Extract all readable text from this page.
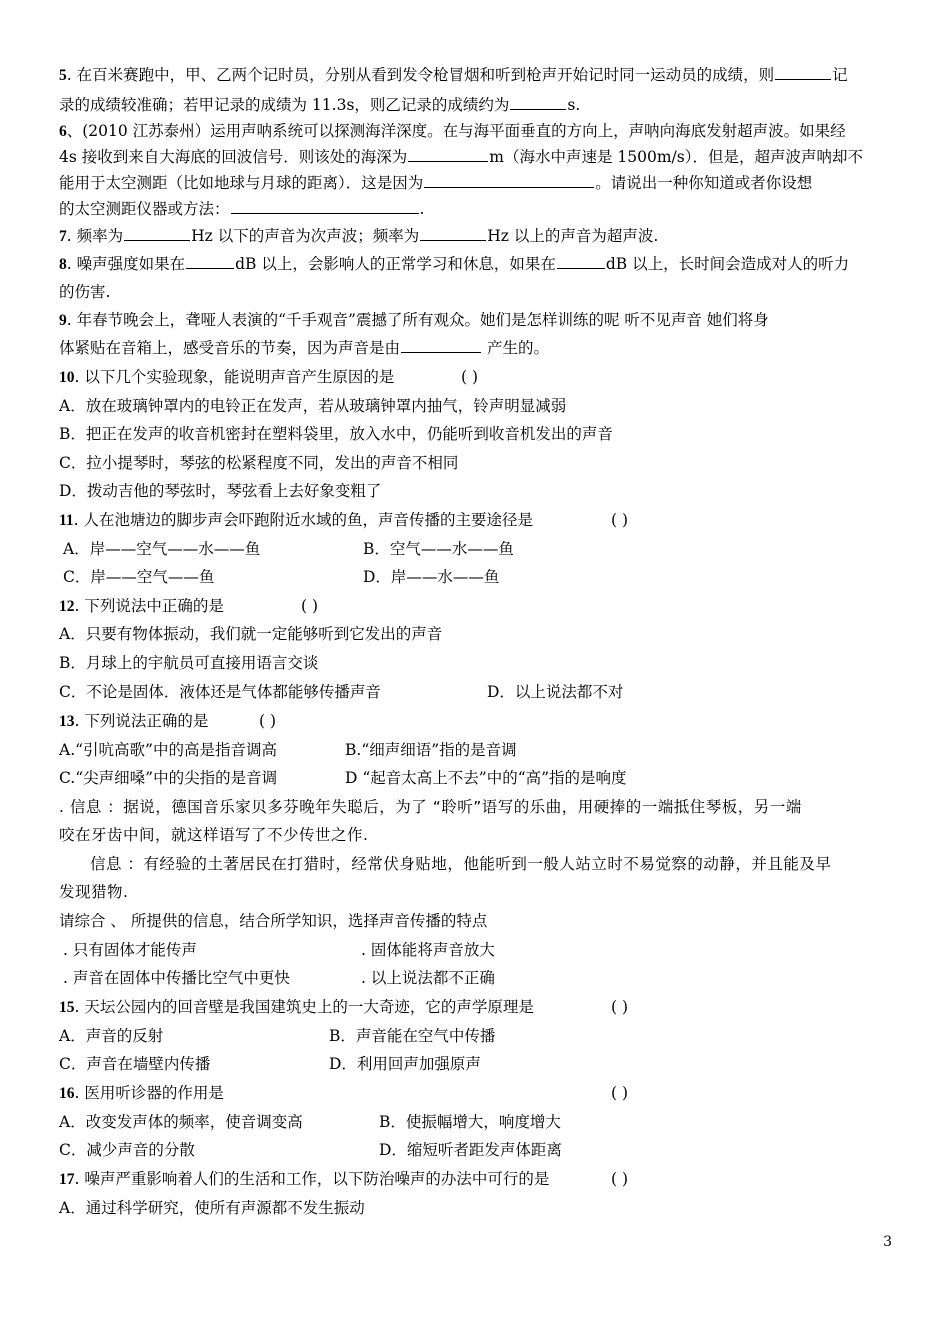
5. 在百米赛跑中，甲、乙两个记时员，分别从看到发令枪冒烟和听到枪声开始记时同一运动员的成绩，则	记
录的成绩较准确；若甲记录的成绩为 11.3s，则乙记录的成绩约为	s.
6、(2010 江苏泰州）运用声呐系统可以探测海洋深度。在与海平面垂直的方向上，声呐向海底发射超声波。如果经
4s 接收到来自大海底的回波信号．则该处的海深为	m（海水中声速是 1500m/s）．但是，超声波声呐却不
能用于太空测距（比如地球与月球的距离）．这是因为	。请说出一种你知道或者你设想
的太空测距仪器或方法：	.
7. 频率为	Hz 以下的声音为次声波；频率为	Hz 以上的声音为超声波.
8. 噪声强度如果在	dB 以上，会影响人的正常学习和休息，如果在	dB 以上，长时间会造成对人的听力
的伤害.
9. 年春节晚会上，聋哑人表演的“千手观音”震撼了所有观众。她们是怎样训练的呢 听不见声音 她们将身
体紧贴在音箱上，感受音乐的节奏，因为声音是由	产生的。
10. 以下几个实验现象，能说明声音产生原因的是	( )
A．放在玻璃钟罩内的电铃正在发声，若从玻璃钟罩内抽气，铃声明显减弱
B．把正在发声的收音机密封在塑料袋里，放入水中，仍能听到收音机发出的声音
C．拉小提琴时，琴弦的松紧程度不同，发出的声音不相同
D．拨动吉他的琴弦时，琴弦看上去好象变粗了
11. 人在池塘边的脚步声会吓跑附近水域的鱼，声音传播的主要途径是	( )
A．岸——空气——水——鱼	B．空气——水——鱼
C．岸——空气——鱼	D．岸——水——鱼
12. 下列说法中正确的是	( )
A．只要有物体振动，我们就一定能够听到它发出的声音
B．月球上的宇航员可直接用语言交谈
C．不论是固体．液体还是气体都能够传播声音	D．以上说法都不对
13. 下列说法正确的是	( )
A.“引吭高歌”中的高是指音调高	B.“细声细语”指的是音调
C.“尖声细嗓”中的尖指的是音调	D “起音太高上不去”中的“高”指的是响度
. 信息 ：据说，德国音乐家贝多芬晚年失聪后，为了 “聆听”语写的乐曲，用硬捧的一端抵住琴板，另一端
咬在牙齿中间，就这样语写了不少传世之作.
信息 ：有经验的土著居民在打猎时，经常伏身贴地，他能听到一般人站立时不易觉察的动静，并且能及早
发现猎物.
请综合 、 所提供的信息，结合所学知识，选择声音传播的特点
. 只有固体才能传声	. 固体能将声音放大
. 声音在固体中传播比空气中更快	. 以上说法都不正确
15. 天坛公园内的回音壁是我国建筑史上的一大奇迹，它的声学原理是	( )
A．声音的反射	B．声音能在空气中传播
C．声音在墙壁内传播	D．利用回声加强原声
16. 医用听诊器的作用是	( )
A．改变发声体的频率，使音调变高	B．使振幅增大，响度增大
C．减少声音的分散	D．缩短听者距发声体距离
17. 噪声严重影响着人们的生活和工作，以下防治噪声的办法中可行的是	( )
A．通过科学研究，使所有声源都不发生振动
3
